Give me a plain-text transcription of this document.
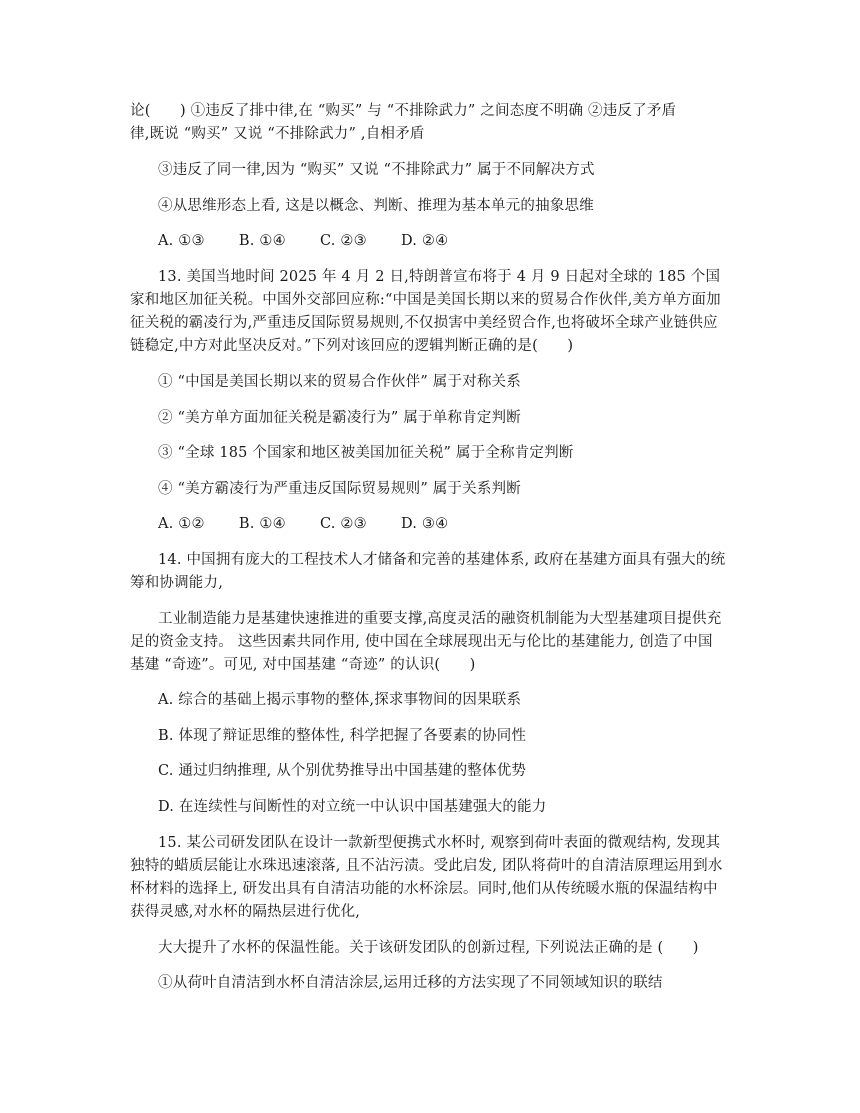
论(　　) ①违反了排中律,在 “购买” 与 “不排除武力” 之间态度不明确 ②违反了矛盾
律,既说 “购买” 又说 “不排除武力” ,自相矛盾
③违反了同一律,因为 “购买” 又说 “不排除武力” 属于不同解决方式
④从思维形态上看, 这是以概念、判断、推理为基本单元的抽象思维
A. ①③　　 B. ①④　　 C. ②③　　 D. ②④
13. 美国当地时间 2025 年 4 月 2 日,特朗普宣布将于 4 月 9 日起对全球的 185 个国
家和地区加征关税。中国外交部回应称:“中国是美国长期以来的贸易合作伙伴,美方单方面加
征关税的霸凌行为,严重违反国际贸易规则,不仅损害中美经贸合作,也将破坏全球产业链供应
链稳定,中方对此坚决反对。”下列对该回应的逻辑判断正确的是(　　)
① “中国是美国长期以来的贸易合作伙伴” 属于对称关系
② “美方单方面加征关税是霸凌行为” 属于单称肯定判断
③ “全球 185 个国家和地区被美国加征关税” 属于全称肯定判断
④ “美方霸凌行为严重违反国际贸易规则” 属于关系判断
A. ①②　　 B. ①④　　 C. ②③　　 D. ③④
14. 中国拥有庞大的工程技术人才储备和完善的基建体系, 政府在基建方面具有强大的统
筹和协调能力,
工业制造能力是基建快速推进的重要支撑,高度灵活的融资机制能为大型基建项目提供充
足的资金支持。 这些因素共同作用, 使中国在全球展现出无与伦比的基建能力, 创造了中国
基建 “奇迹”。可见, 对中国基建 “奇迹” 的认识(　　)
A. 综合的基础上揭示事物的整体,探求事物间的因果联系
B. 体现了辩证思维的整体性, 科学把握了各要素的协同性
C. 通过归纳推理, 从个别优势推导出中国基建的整体优势
D. 在连续性与间断性的对立统一中认识中国基建强大的能力
15. 某公司研发团队在设计一款新型便携式水杯时, 观察到荷叶表面的微观结构, 发现其
独特的蜡质层能让水珠迅速滚落, 且不沾污渍。受此启发, 团队将荷叶的自清洁原理运用到水
杯材料的选择上, 研发出具有自清洁功能的水杯涂层。同时,他们从传统暖水瓶的保温结构中
获得灵感,对水杯的隔热层进行优化,
大大提升了水杯的保温性能。关于该研发团队的创新过程, 下列说法正确的是 (　　)
①从荷叶自清洁到水杯自清洁涂层,运用迁移的方法实现了不同领域知识的联结
